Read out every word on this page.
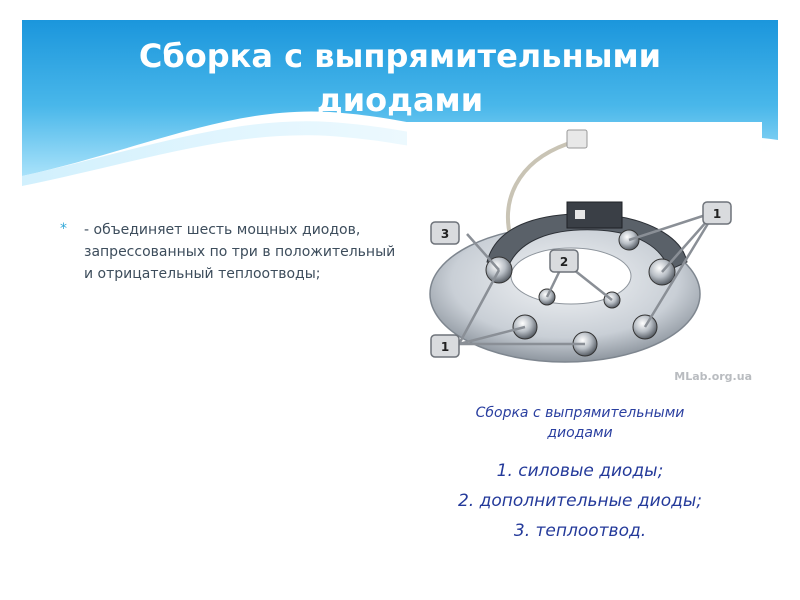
Сборка с выпрямительными
диодами
* - объединяет шесть мощных диодов, запрессованных по три в положительный и отрицательный теплоотводы;
1
2
3
1
MLab.org.ua
Сборка с выпрямительными
диодами
1. силовые диоды;
2. дополнительные диоды;
3. теплоотвод.
